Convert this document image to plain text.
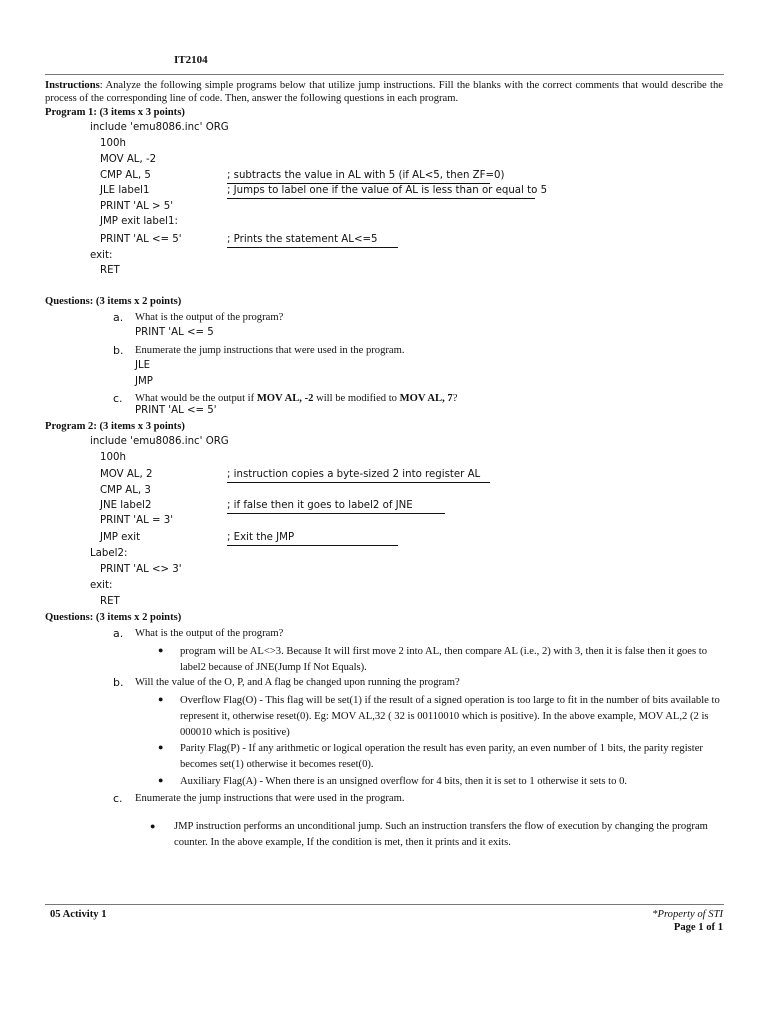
IT2104
Instructions: Analyze the following simple programs below that utilize jump instructions. Fill the blanks with the correct comments that would describe the process of the corresponding line of code. Then, answer the following questions in each program.
Program 1: (3 items x 3 points)
include 'emu8086.inc' ORG
100h
MOV AL, -2
CMP AL, 5	; subtracts the value in AL with 5 (if AL<5, then ZF=0)
JLE label1	; Jumps to label one if the value of AL is less than or equal to 5
PRINT 'AL > 5'
JMP exit label1:
PRINT 'AL <= 5'	; Prints the statement AL<=5
exit:
RET
Questions: (3 items x 2 points)
a. What is the output of the program?
PRINT 'AL <= 5
b. Enumerate the jump instructions that were used in the program.
JLE
JMP
c. What would be the output if MOV AL, -2 will be modified to MOV AL, 7?
PRINT 'AL <= 5'
Program 2: (3 items x 3 points)
include 'emu8086.inc' ORG
100h
MOV AL, 2	; instruction copies a byte-sized 2 into register AL
CMP AL, 3
JNE label2	; if false then it goes to label2 of JNE
PRINT 'AL = 3'
JMP exit	; Exit the JMP
Label2:
PRINT 'AL <> 3'
exit:
RET
Questions: (3 items x 2 points)
a. What is the output of the program?
● program will be AL<>3. Because It will first move 2 into AL, then compare AL (i.e., 2) with 3, then it is false then it goes to label2 because of JNE(Jump If Not Equals).
b. Will the value of the O, P, and A flag be changed upon running the program?
● Overflow Flag(O) - This flag will be set(1) if the result of a signed operation is too large to fit in the number of bits available to represent it, otherwise reset(0). Eg: MOV AL,32 ( 32 is 00110010 which is positive). In the above example, MOV AL,2 (2 is 000010 which is positive)
● Parity Flag(P) - If any arithmetic or logical operation the result has even parity, an even number of 1 bits, the parity register becomes set(1) otherwise it becomes reset(0).
● Auxiliary Flag(A) - When there is an unsigned overflow for 4 bits, then it is set to 1 otherwise it sets to 0.
c. Enumerate the jump instructions that were used in the program.
● JMP instruction performs an unconditional jump. Such an instruction transfers the flow of execution by changing the program counter. In the above example, If the condition is met, then it prints and it exits.
05 Activity 1	*Property of STI
Page 1 of 1
